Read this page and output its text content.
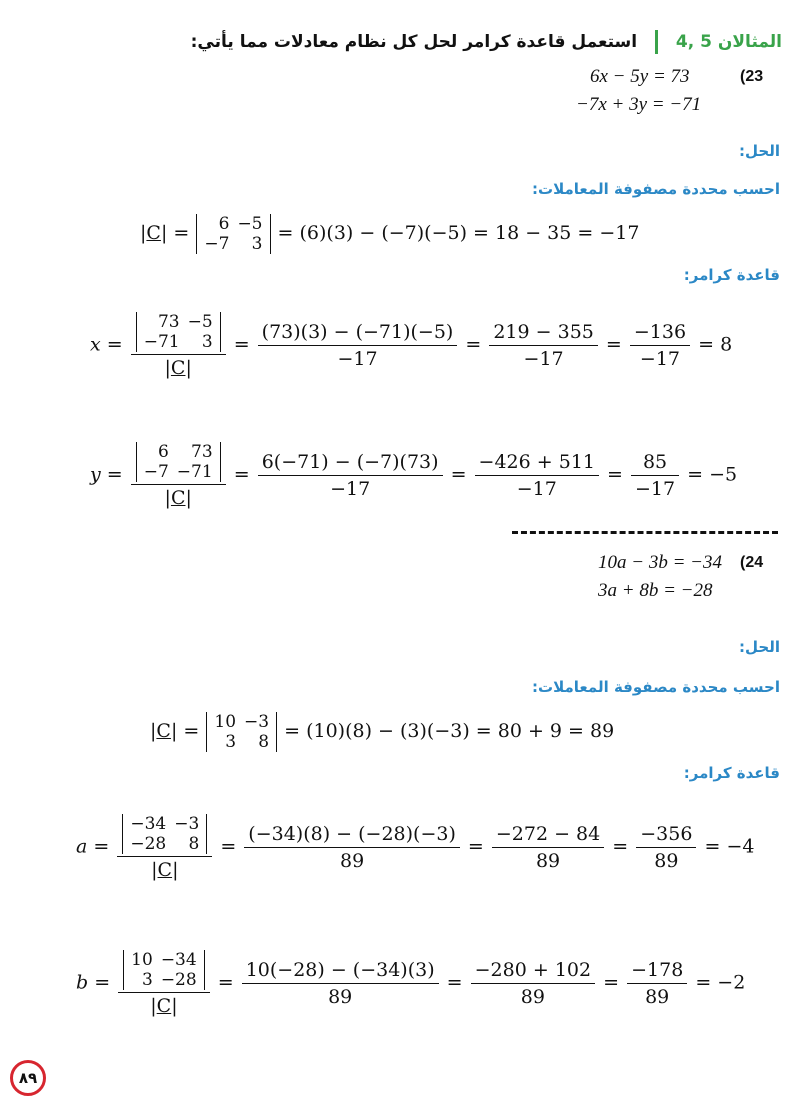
المثالان 4, 5  استعمل قاعدة كرامر لحل كل نظام معادلات مما يأتي:
6x − 5y = 73	(23
−7x + 3y = −71
الحل:
احسب محددة مصفوفة المعاملات:
|C| = 6	−5
−7	3 = (6)(3) − (−7)(−5) = 18 − 35 = −17
قاعدة كرامر:
x = 73	−5
−71	3
$|C| = \frac{(73)(3) - (-71)(-5)}{-17} = \frac{219 - 355}{-17} = \frac{-136}{-17} = 8$
y = 6	73
−7	−71
$|C| = \frac{6(-71) - (-7)(73)}{-17} = \frac{-426 + 511}{-17} = \frac{85}{-17} = -5$
10a − 3b = −34 (24
3a + 8b = −28
الحل:
احسب محددة مصفوفة المعاملات:
|C| = 10	−3
3	8 = (10)(8) − (3)(−3) = 80 + 9 = 89
قاعدة كرامر:
a = −34	−3
−28	8
$|C| = \frac{(-34)(8) - (-28)(-3)}{89} = \frac{-272 - 84}{89} = \frac{-356}{89} = -4$
b = 10	−34
3	−28
$|C| = \frac{10(-28) - (-34)(3)}{89} = \frac{-280 + 102}{89} = \frac{-178}{89} = -2$
٨٩
